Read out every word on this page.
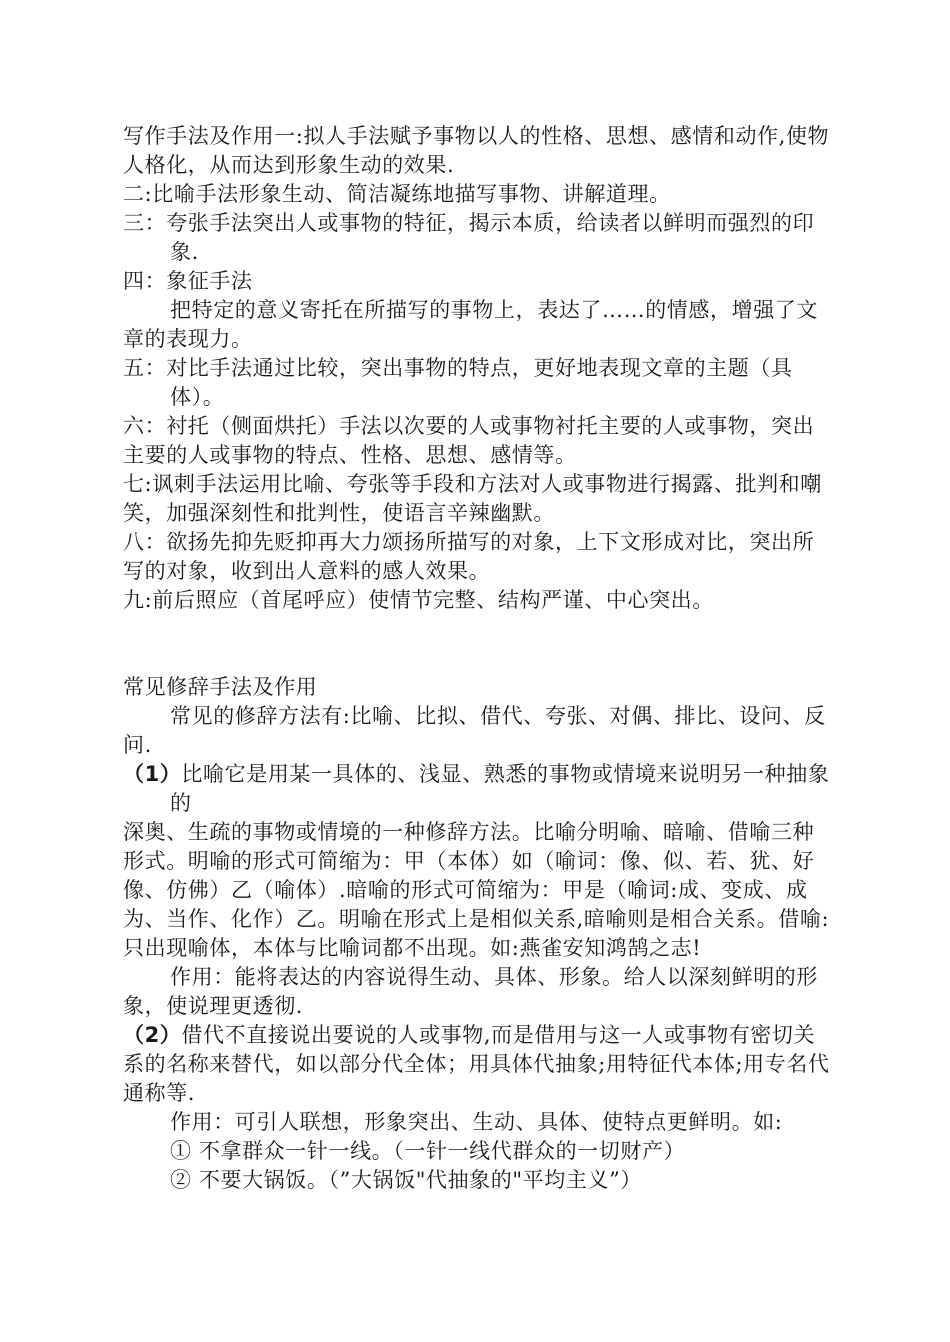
写作手法及作用一:拟人手法赋予事物以人的性格、思想、感情和动作,使物人格化，从而达到形象生动的效果.

二:比喻手法形象生动、简洁凝练地描写事物、讲解道理。

三：夸张手法突出人或事物的特征，揭示本质，给读者以鲜明而强烈的印象.

四：象征手法

把特定的意义寄托在所描写的事物上，表达了……的情感，增强了文章的表现力。

五：对比手法通过比较，突出事物的特点，更好地表现文章的主题（具体）。

六：衬托（侧面烘托）手法以次要的人或事物衬托主要的人或事物，突出主要的人或事物的特点、性格、思想、感情等。

七:讽刺手法运用比喻、夸张等手段和方法对人或事物进行揭露、批判和嘲笑，加强深刻性和批判性，使语言辛辣幽默。

八：欲扬先抑先贬抑再大力颂扬所描写的对象，上下文形成对比，突出所写的对象，收到出人意料的感人效果。

九:前后照应（首尾呼应）使情节完整、结构严谨、中心突出。

常见修辞手法及作用

常见的修辞方法有:比喻、比拟、借代、夸张、对偶、排比、设问、反问.

（1）比喻它是用某一具体的、浅显、熟悉的事物或情境来说明另一种抽象的

深奥、生疏的事物或情境的一种修辞方法。比喻分明喻、暗喻、借喻三种形式。明喻的形式可简缩为：甲（本体）如（喻词：像、似、若、犹、好像、仿佛）乙（喻体）.暗喻的形式可简缩为：甲是（喻词:成、变成、成为、当作、化作）乙。明喻在形式上是相似关系,暗喻则是相合关系。借喻:只出现喻体，本体与比喻词都不出现。如:燕雀安知鸿鹄之志!

作用：能将表达的内容说得生动、具体、形象。给人以深刻鲜明的形象，使说理更透彻.

（2）借代不直接说出要说的人或事物,而是借用与这一人或事物有密切关系的名称来替代，如以部分代全体；用具体代抽象;用特征代本体;用专名代通称等.

作用：可引人联想，形象突出、生动、具体、使特点更鲜明。如:

① 不拿群众一针一线。（一针一线代群众的一切财产）

② 不要大锅饭。（”大锅饭"代抽象的"平均主义”）
